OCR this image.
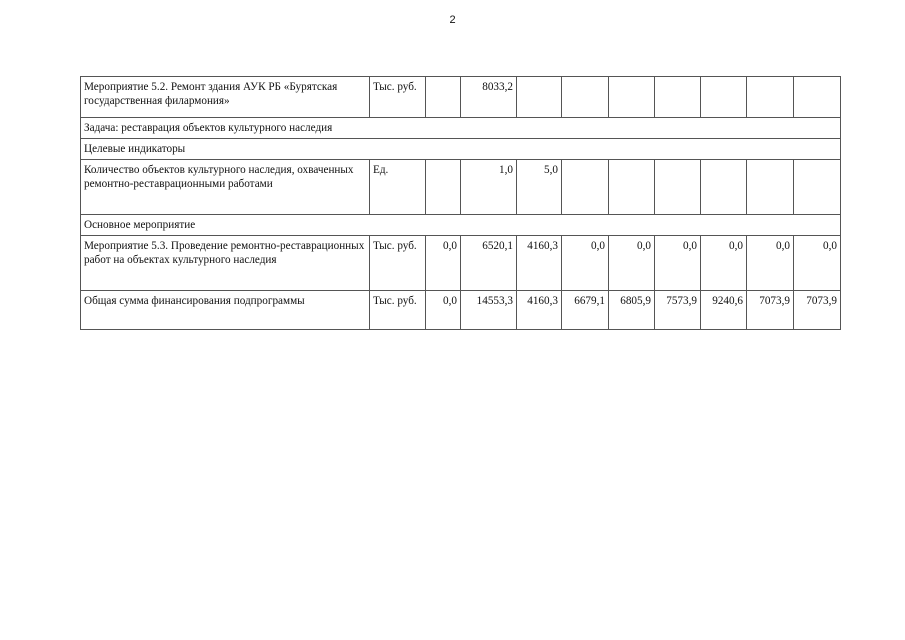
2
Мероприятие 5.2. Ремонт здания АУК РБ «Бурятская государственная филармония»	Тыс. руб.		8033,2							
Задача: реставрация объектов культурного наследия										
Целевые индикаторы										
Количество объектов культурного наследия, охваченных ремонтно-реставрационными работами	Ед.		1,0	5,0						
Основное мероприятие										
Мероприятие 5.3. Проведение ремонтно-реставрационных работ на объектах культурного наследия	Тыс. руб.	0,0	6520,1	4160,3	0,0	0,0	0,0	0,0	0,0	0,0
Общая сумма финансирования подпрограммы	Тыс. руб.	0,0	14553,3	4160,3	6679,1	6805,9	7573,9	9240,6	7073,9	7073,9
